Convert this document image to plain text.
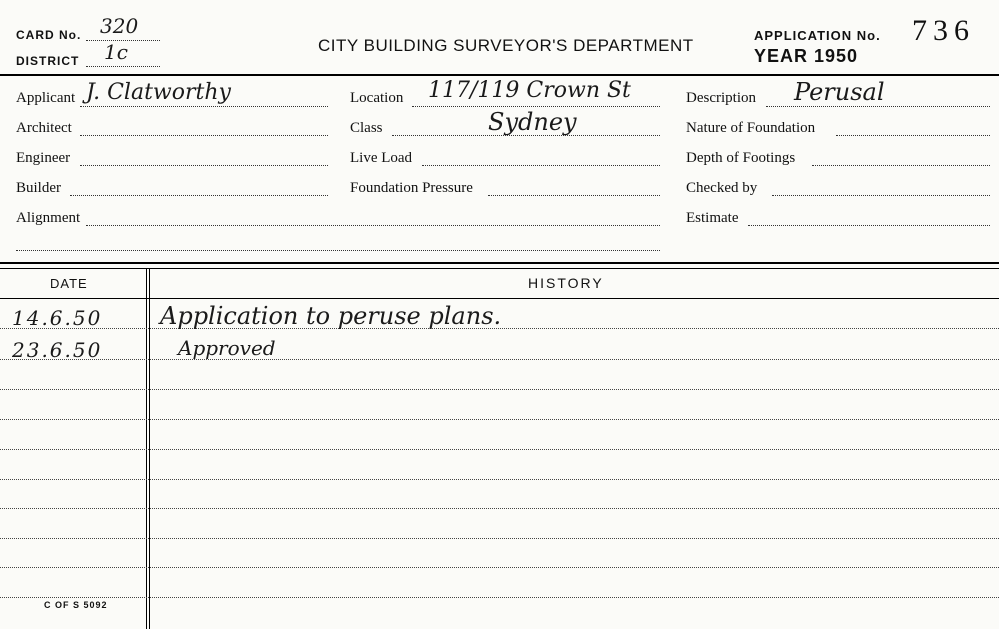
CARD No. 320
DISTRICT 1c	CITY BUILDING SURVEYOR'S DEPARTMENT
APPLICATION No. 736
YEAR 1950
Applicant J. Clatworthy
Architect
Engineer
Builder
Alignment
Location 117/119 Crown St
Class	Sydney
Live Load
Foundation Pressure
Description Perusal
Nature of Foundation
Depth of Footings
Checked by
Estimate
DATE	HISTORY
14.6.50 Application to peruse plans.
23.6.50	Approved
C OF S 5092
